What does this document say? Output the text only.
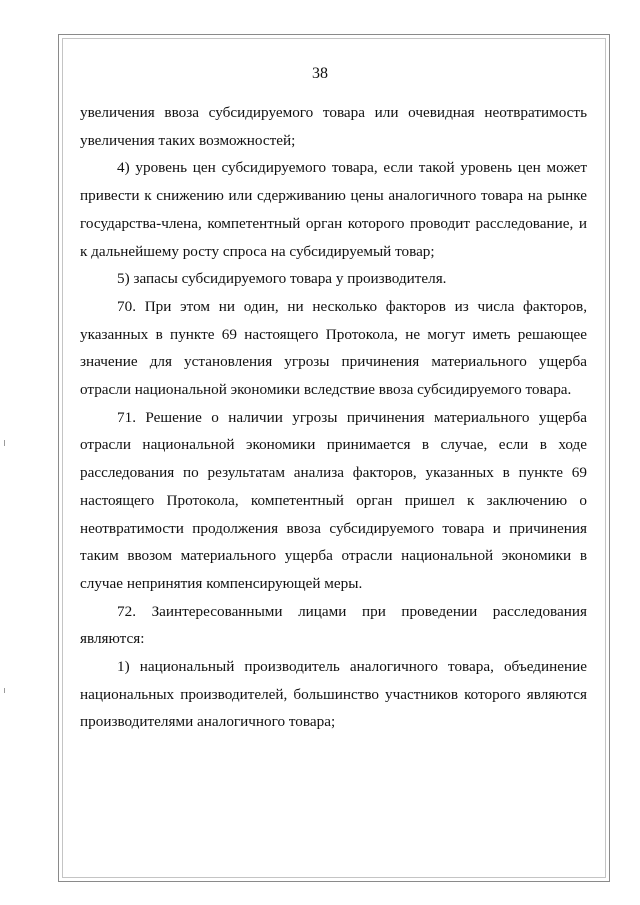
38

увеличения ввоза субсидируемого товара или очевидная неотвратимость увеличения таких возможностей;

4) уровень цен субсидируемого товара, если такой уровень цен может привести к снижению или сдерживанию цены аналогичного товара на рынке государства-члена, компетентный орган которого проводит расследование, и к дальнейшему росту спроса на субсидируемый товар;

5) запасы субсидируемого товара у производителя.

70. При этом ни один, ни несколько факторов из числа факторов, указанных в пункте 69 настоящего Протокола, не могут иметь решающее значение для установления угрозы причинения материального ущерба отрасли национальной экономики вследствие ввоза субсидируемого товара.

71. Решение о наличии угрозы причинения материального ущерба отрасли национальной экономики принимается в случае, если в ходе расследования по результатам анализа факторов, указанных в пункте 69 настоящего Протокола, компетентный орган пришел к заключению о неотвратимости продолжения ввоза субсидируемого товара и причинения таким ввозом материального ущерба отрасли национальной экономики в случае непринятия компенсирующей меры.

72. Заинтересованными лицами при проведении расследования являются:

1) национальный производитель аналогичного товара, объединение национальных производителей, большинство участников которого являются производителями аналогичного товара;
